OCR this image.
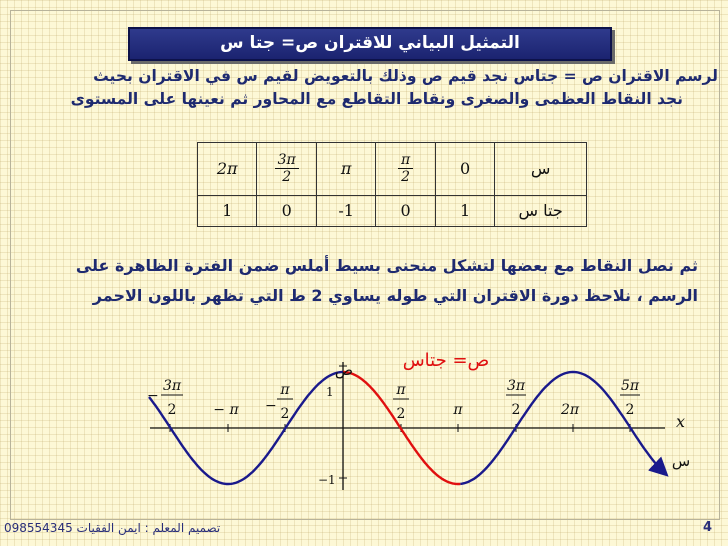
التمثيل البياني للاقتران ص= جتا س
لرسم الاقتران ص = جتاس نجد قيم ص وذلك بالتعويض لقيم س في الاقتران بحيث
نجد النقاط العظمى والصغرى ونقاط التقاطع مع المحاور ثم نعينها على المستوى
2π	$\frac{3\pi}{2}$	π	$\frac{\pi}{2}$	0	س
1	0	-1	0	1	جتا س
ثم نصل النقاط مع بعضها لتشكل منحنى بسيط أملس ضمن الفترة الظاهرة على
الرسم ، نلاحظ دورة الاقتران التي طوله يساوي 2 ط التي تظهر باللون الاحمر
−
3π
2	− π −
π
2
π
2	π
3π
2	2π
5π
2
1
−1
x
ص
س
ص= جتاس
تصميم المعلم : ايمن الفقيات 098554345	4
